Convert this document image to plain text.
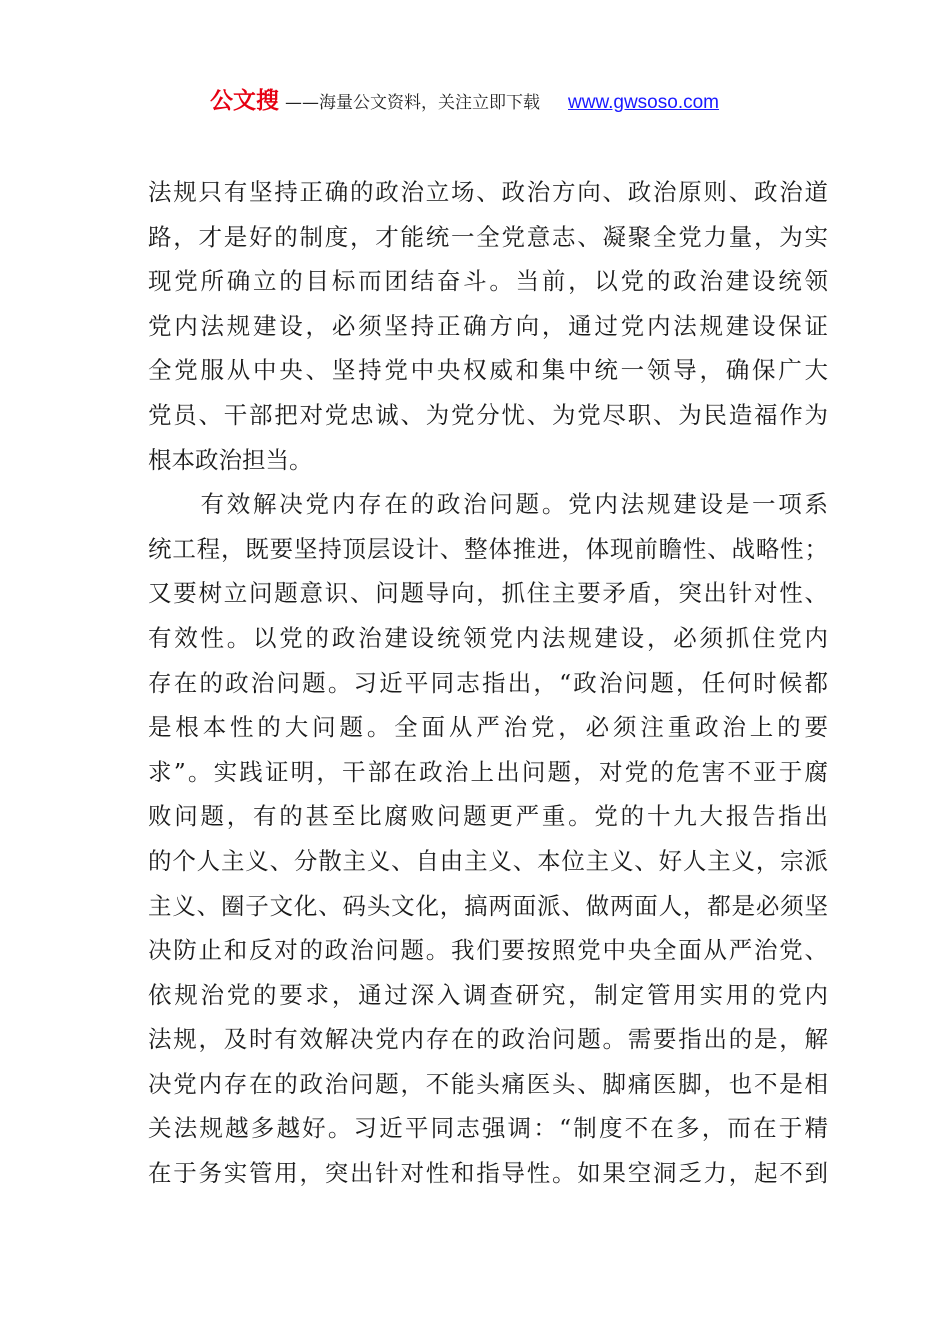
公文搜 ——海量公文资料，关注立即下载 www.gwsoso.com
法规只有坚持正确的政治立场、政治方向、政治原则、政治道
路，才是好的制度，才能统一全党意志、凝聚全党力量，为实
现党所确立的目标而团结奋斗。当前，以党的政治建设统领
党内法规建设，必须坚持正确方向，通过党内法规建设保证
全党服从中央、坚持党中央权威和集中统一领导，确保广大
党员、干部把对党忠诚、为党分忧、为党尽职、为民造福作为
根本政治担当。
　　有效解决党内存在的政治问题。党内法规建设是一项系
统工程，既要坚持顶层设计、整体推进，体现前瞻性、战略性；
又要树立问题意识、问题导向，抓住主要矛盾，突出针对性、
有效性。以党的政治建设统领党内法规建设，必须抓住党内
存在的政治问题。习近平同志指出，“政治问题，任何时候都
是根本性的大问题。全面从严治党，必须注重政治上的要
求”。实践证明，干部在政治上出问题，对党的危害不亚于腐
败问题，有的甚至比腐败问题更严重。党的十九大报告指出
的个人主义、分散主义、自由主义、本位主义、好人主义，宗派
主义、圈子文化、码头文化，搞两面派、做两面人，都是必须坚
决防止和反对的政治问题。我们要按照党中央全面从严治党、
依规治党的要求，通过深入调查研究，制定管用实用的党内
法规，及时有效解决党内存在的政治问题。需要指出的是，解
决党内存在的政治问题，不能头痛医头、脚痛医脚，也不是相
关法规越多越好。习近平同志强调：“制度不在多，而在于精
在于务实管用，突出针对性和指导性。如果空洞乏力，起不到
